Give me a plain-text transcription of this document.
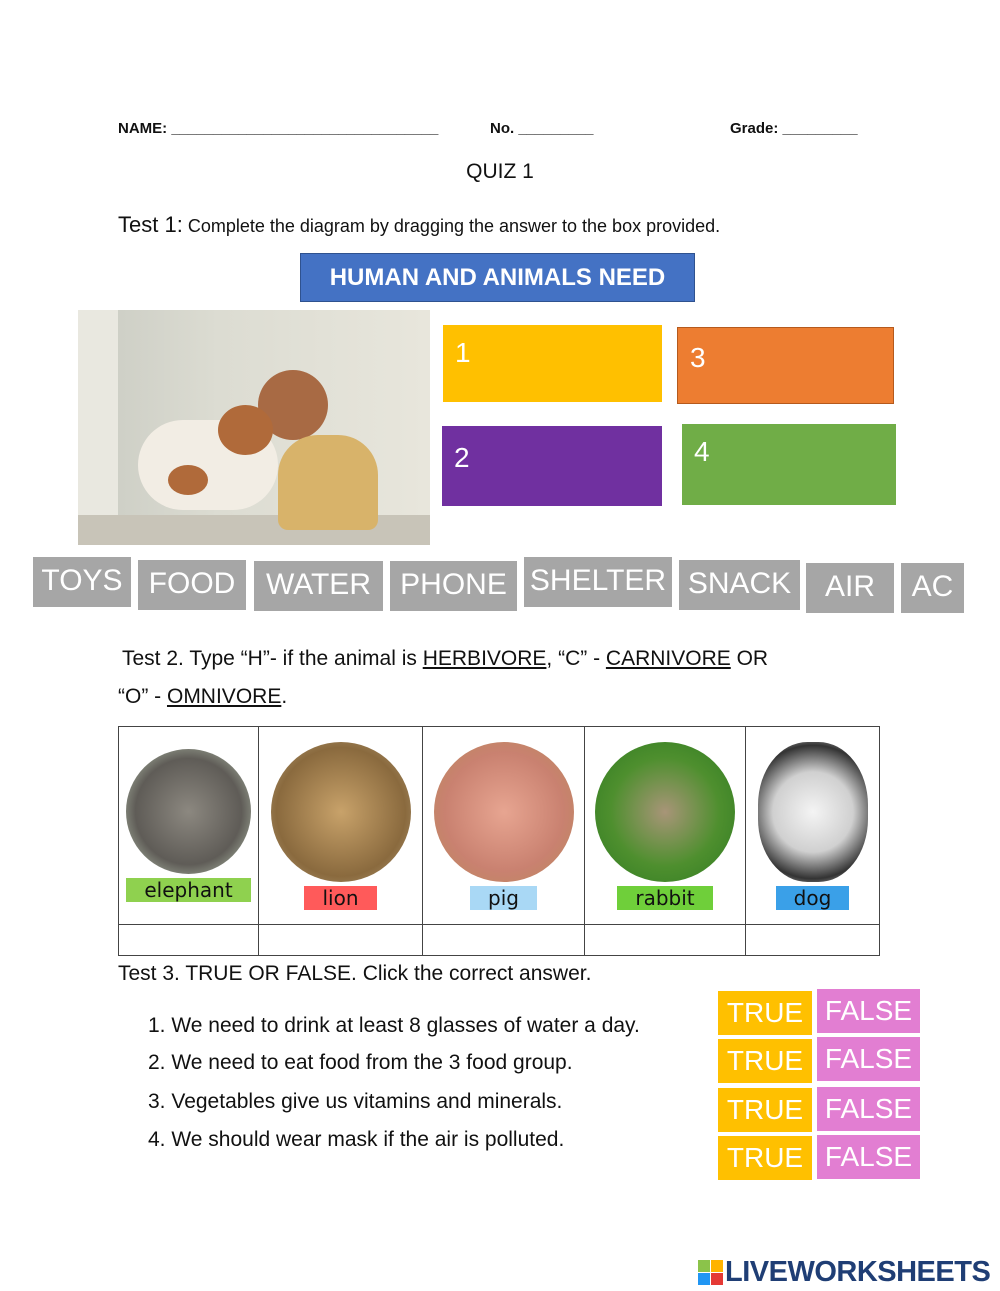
NAME: ________________________________	No. _________	Grade: _________
QUIZ 1
Test 1: Complete the diagram by dragging the answer to the box provided.
HUMAN AND ANIMALS NEED
1
2
3
4
TOYS FOOD	WATER PHONE SHELTER SNACK	AIR	AC
Test 2. Type “H”- if the animal is HERBIVORE, “C” - CARNIVORE OR
“O” - OMNIVORE.
elephant	lion	pig	rabbit	dog

Test 3. TRUE OR FALSE. Click the correct answer.
1. We need to drink at least 8 glasses of water a day.
2. We need to eat food from the 3 food group.
3. Vegetables give us vitamins and minerals.
4. We should wear mask if the air is polluted.
TRUE FALSE
TRUE FALSE
TRUE FALSE
TRUE FALSE
LIVEWORKSHEETS
